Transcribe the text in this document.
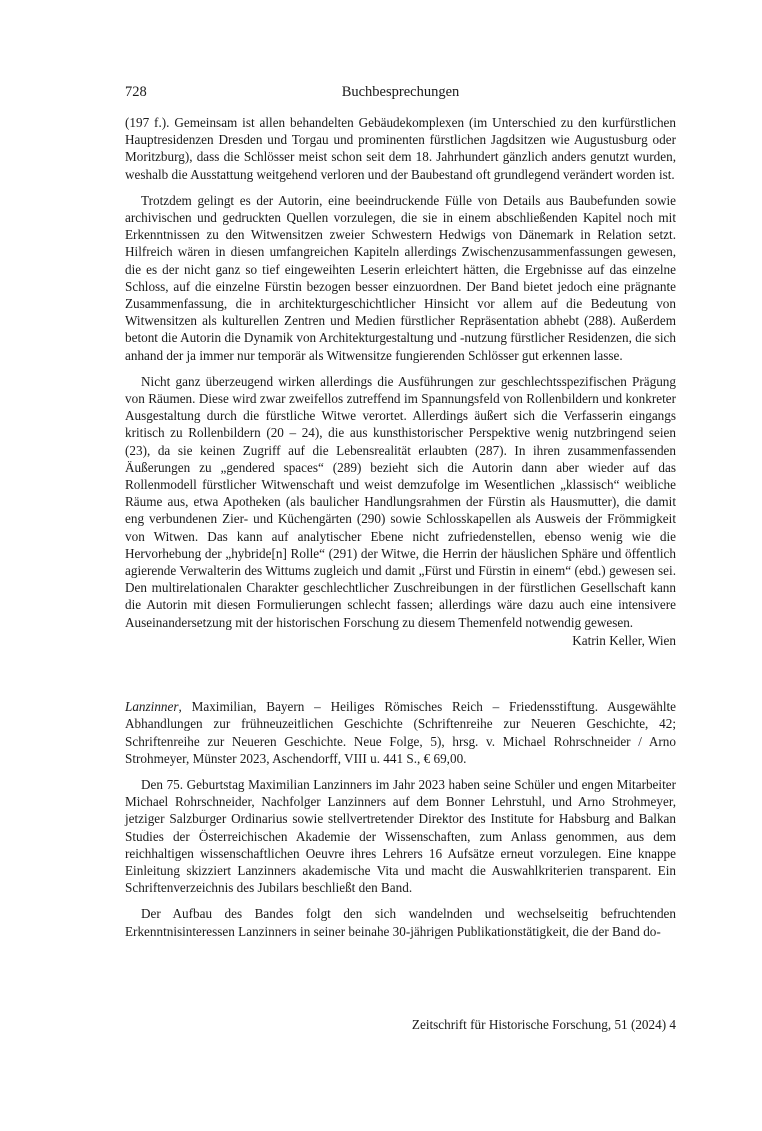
728	Buchbesprechungen

(197 f.). Gemeinsam ist allen behandelten Gebäudekomplexen (im Unterschied zu den kurfürstlichen Hauptresidenzen Dresden und Torgau und prominenten fürstlichen Jagdsitzen wie Augustusburg oder Moritzburg), dass die Schlösser meist schon seit dem 18. Jahrhundert gänzlich anders genutzt wurden, weshalb die Ausstattung weitgehend verloren und der Baubestand oft grundlegend verändert worden ist.

Trotzdem gelingt es der Autorin, eine beeindruckende Fülle von Details aus Baubefunden sowie archivischen und gedruckten Quellen vorzulegen, die sie in einem abschließenden Kapitel noch mit Erkenntnissen zu den Witwensitzen zweier Schwestern Hedwigs von Dänemark in Relation setzt. Hilfreich wären in diesen umfangreichen Kapiteln allerdings Zwischenzusammenfassungen gewesen, die es der nicht ganz so tief eingeweihten Leserin erleichtert hätten, die Ergebnisse auf das einzelne Schloss, auf die einzelne Fürstin bezogen besser einzuordnen. Der Band bietet jedoch eine prägnante Zusammenfassung, die in architekturgeschichtlicher Hinsicht vor allem auf die Bedeutung von Witwensitzen als kulturellen Zentren und Medien fürstlicher Repräsentation abhebt (288). Außerdem betont die Autorin die Dynamik von Architekturgestaltung und -nutzung fürstlicher Residenzen, die sich anhand der ja immer nur temporär als Witwensitze fungierenden Schlösser gut erkennen lasse.

Nicht ganz überzeugend wirken allerdings die Ausführungen zur geschlechtsspezifischen Prägung von Räumen. Diese wird zwar zweifellos zutreffend im Spannungsfeld von Rollenbildern und konkreter Ausgestaltung durch die fürstliche Witwe verortet. Allerdings äußert sich die Verfasserin eingangs kritisch zu Rollenbildern (20 – 24), die aus kunsthistorischer Perspektive wenig nutzbringend seien (23), da sie keinen Zugriff auf die Lebensrealität erlaubten (287). In ihren zusammenfassenden Äußerungen zu „gendered spaces“ (289) bezieht sich die Autorin dann aber wieder auf das Rollenmodell fürstlicher Witwenschaft und weist demzufolge im Wesentlichen „klassisch“ weibliche Räume aus, etwa Apotheken (als baulicher Handlungsrahmen der Fürstin als Hausmutter), die damit eng verbundenen Zier- und Küchengärten (290) sowie Schlosskapellen als Ausweis der Frömmigkeit von Witwen. Das kann auf analytischer Ebene nicht zufriedenstellen, ebenso wenig wie die Hervorhebung der „hybride[n] Rolle“ (291) der Witwe, die Herrin der häuslichen Sphäre und öffentlich agierende Verwalterin des Wittums zugleich und damit „Fürst und Fürstin in einem“ (ebd.) gewesen sei. Den multirelationalen Charakter geschlechtlicher Zuschreibungen in der fürstlichen Gesellschaft kann die Autorin mit diesen Formulierungen schlecht fassen; allerdings wäre dazu auch eine intensivere Auseinandersetzung mit der historischen Forschung zu diesem Themenfeld notwendig gewesen.

Katrin Keller, Wien

Lanzinner, Maximilian, Bayern – Heiliges Römisches Reich – Friedensstiftung. Ausgewählte Abhandlungen zur frühneuzeitlichen Geschichte (Schriftenreihe zur Neueren Geschichte, 42; Schriftenreihe zur Neueren Geschichte. Neue Folge, 5), hrsg. v. Michael Rohrschneider / Arno Strohmeyer, Münster 2023, Aschendorff, VIII u. 441 S., € 69,00.

Den 75. Geburtstag Maximilian Lanzinners im Jahr 2023 haben seine Schüler und engen Mitarbeiter Michael Rohrschneider, Nachfolger Lanzinners auf dem Bonner Lehrstuhl, und Arno Strohmeyer, jetziger Salzburger Ordinarius sowie stellvertretender Direktor des Institute for Habsburg and Balkan Studies der Österreichischen Akademie der Wissenschaften, zum Anlass genommen, aus dem reichhaltigen wissenschaftlichen Oeuvre ihres Lehrers 16 Aufsätze erneut vorzulegen. Eine knappe Einleitung skizziert Lanzinners akademische Vita und macht die Auswahlkriterien transparent. Ein Schriftenverzeichnis des Jubilars beschließt den Band.

Der Aufbau des Bandes folgt den sich wandelnden und wechselseitig befruchtenden Erkenntnisinteressen Lanzinners in seiner beinahe 30-jährigen Publikationstätigkeit, die der Band do-

Zeitschrift für Historische Forschung, 51 (2024) 4
